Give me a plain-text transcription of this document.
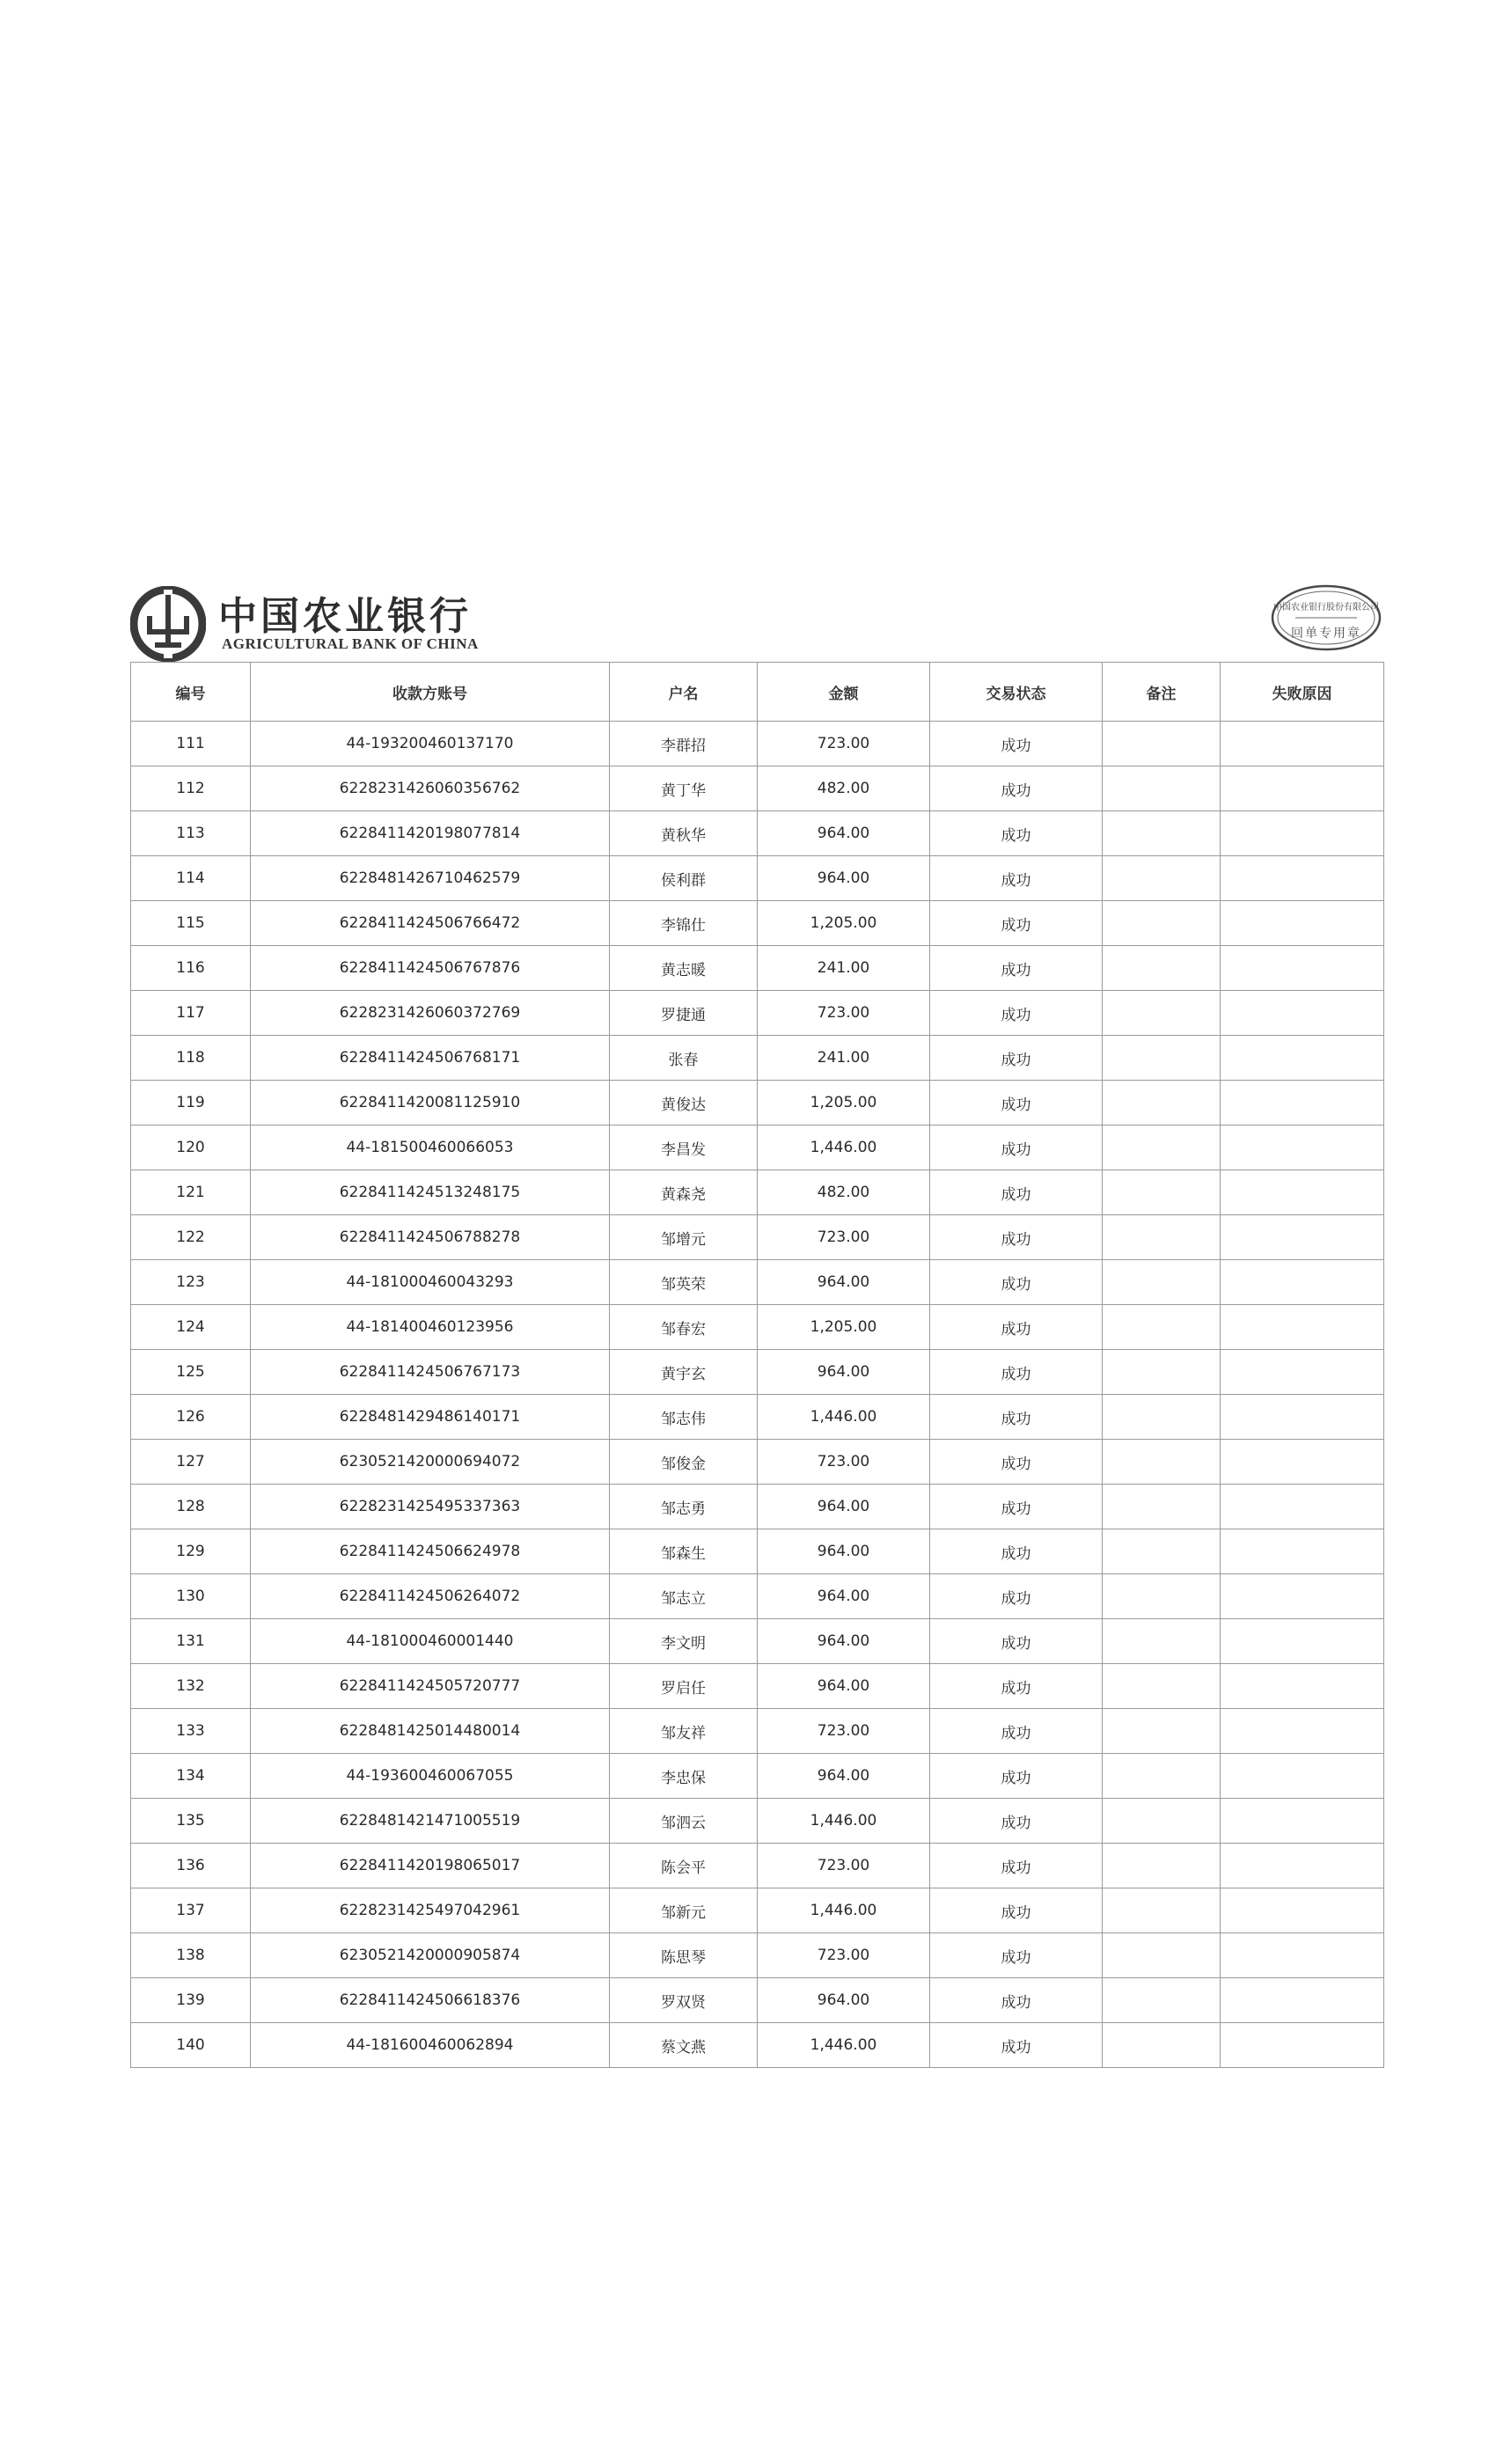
中国农业银行
AGRICULTURAL BANK OF CHINA
中国农业银行股份有限公司
回单专用章
编号	收款方账号	户名	金额	交易状态	备注	失败原因
111	44-193200460137170	李群招	723.00	成功		
112	6228231426060356762	黄丁华	482.00	成功		
113	6228411420198077814	黄秋华	964.00	成功		
114	6228481426710462579	侯利群	964.00	成功		
115	6228411424506766472	李锦仕	1,205.00	成功		
116	6228411424506767876	黄志暖	241.00	成功		
117	6228231426060372769	罗捷通	723.00	成功		
118	6228411424506768171	张春	241.00	成功		
119	6228411420081125910	黄俊达	1,205.00	成功		
120	44-181500460066053	李昌发	1,446.00	成功		
121	6228411424513248175	黄森尧	482.00	成功		
122	6228411424506788278	邹增元	723.00	成功		
123	44-181000460043293	邹英荣	964.00	成功		
124	44-181400460123956	邹春宏	1,205.00	成功		
125	6228411424506767173	黄宇玄	964.00	成功		
126	6228481429486140171	邹志伟	1,446.00	成功		
127	6230521420000694072	邹俊金	723.00	成功		
128	6228231425495337363	邹志勇	964.00	成功		
129	6228411424506624978	邹森生	964.00	成功		
130	6228411424506264072	邹志立	964.00	成功		
131	44-181000460001440	李文明	964.00	成功		
132	6228411424505720777	罗启任	964.00	成功		
133	6228481425014480014	邹友祥	723.00	成功		
134	44-193600460067055	李忠保	964.00	成功		
135	6228481421471005519	邹泗云	1,446.00	成功		
136	6228411420198065017	陈会平	723.00	成功		
137	6228231425497042961	邹新元	1,446.00	成功		
138	6230521420000905874	陈思琴	723.00	成功		
139	6228411424506618376	罗双贤	964.00	成功		
140	44-181600460062894	蔡文燕	1,446.00	成功		
